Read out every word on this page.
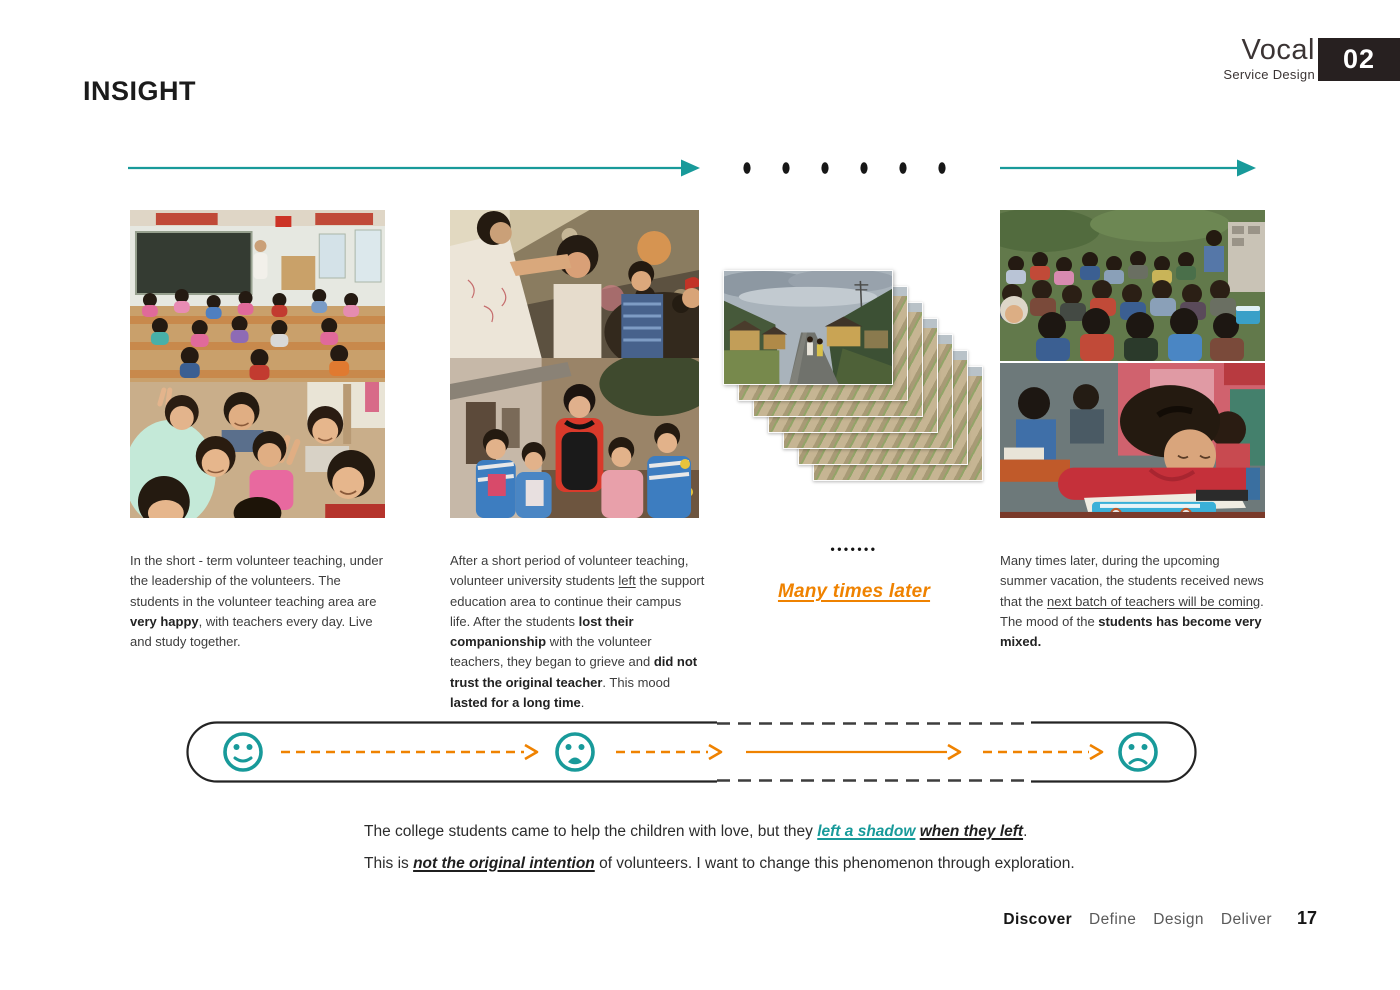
INSIGHT
Vocal
Service Design
02

In the short - term volunteer teaching, under the leadership of the volunteers. The students in the volunteer teaching area are very happy, with teachers every day. Live and study together.

After a short period of volunteer teaching, volunteer university students left the support education area to continue their campus life. After the students lost their companionship with the volunteer teachers, they began to grieve and did not trust the original teacher. This mood lasted for a long time.

•••••••
Many times later

Many times later, during the upcoming summer vacation, the students received news that the next batch of teachers will be coming. The mood of the students has become very mixed.

The college students came to help the children with love, but they left a shadow when they left.

This is not the original intention of volunteers. I want to change this phenomenon through exploration.

Discover Define Design Deliver 17
